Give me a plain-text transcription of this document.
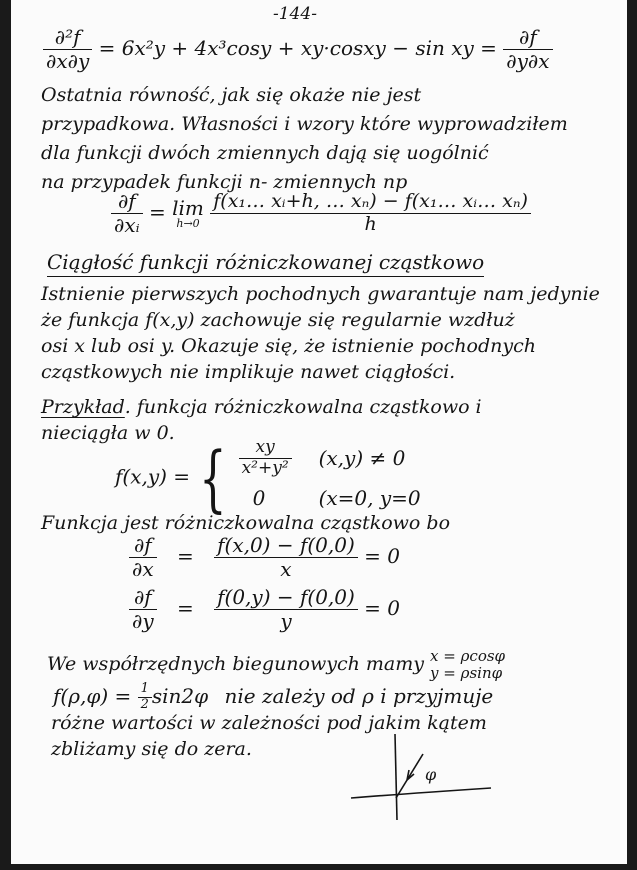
-144-
$\frac{\text{∂²f}}{\partial x\partial y} = 6x^2y + 4x^3\cos y$ + xy·cosxy − sin xy = $\frac{\partial f}{\partial y\partial x}$
Ostatnia równość, jak się okaże nie jest
przypadkowa. Własności i wzory które wyprowadziłem
dla funkcji dwóch zmiennych dają się uogólnić
na przypadek funkcji n- zmiennych np
$\frac{\partial f}{\text{∂xᵢ}} = \lim$
h→0
$\frac{\text{f(x₁… xᵢ+h, … xₙ) − f(x₁… xᵢ… xₙ)}}{h}$
Ciągłość funkcji różniczkowanej cząstkowo
Istnienie pierwszych pochodnych gwarantuje nam jedynie
że funkcja f(x,y) zachowuje się regularnie wzdłuż
osi x lub osi y. Okazuje się, że istnienie pochodnych
cząstkowych nie implikuje nawet ciągłości.
Przykład. funkcja różniczkowalna cząstkowo i
nieciągła w 0.
f(x,y) = { $\frac{xy}{\text{x²+y²}} (x,y) \ne 0$
0	(x=0, y=0
Funkcja jest różniczkowalna cząstkowo bo
$\frac{\partial f}{\partial x} = \frac{f(x,0) - f(0,0)}{x} = 0$
$\frac{\partial f}{\partial y} = \frac{f(0,y) - f(0,0)}{y} = 0$
We współrzędnych biegunowych mamy x = ρcosφ
y = ρsinφ
$f(\rho,\varphi) = \frac{1}{2} \sin 2\varphi$ nie zależy od ρ i przyjmuje
różne wartości w zależności pod jakim kątem
zbliżamy się do zera.
φ
